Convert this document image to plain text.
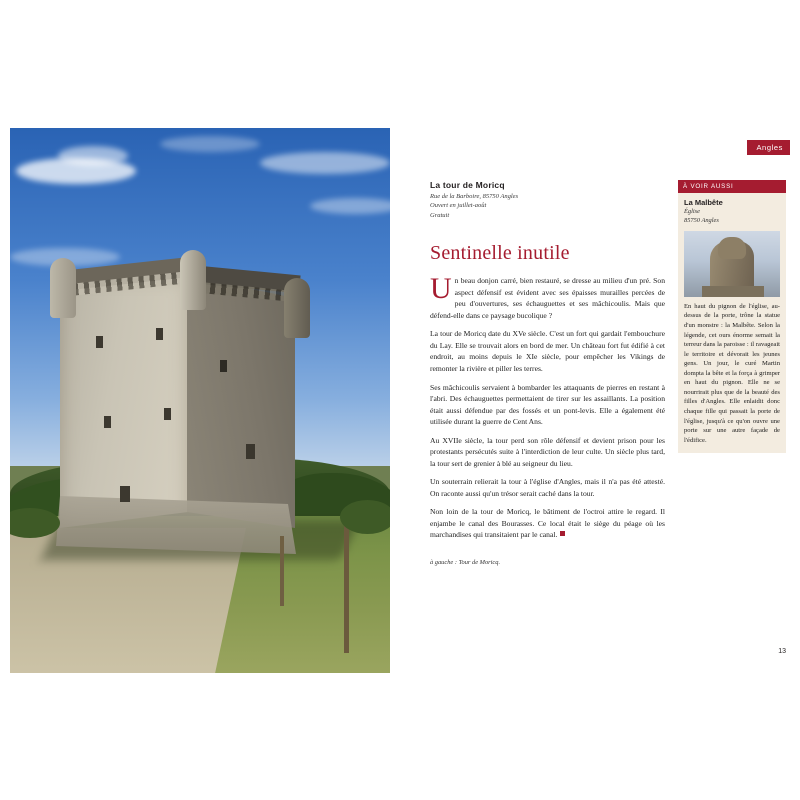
Angles
La tour de Moricq
Rue de la Barboire, 85750 Angles
Ouvert en juillet-août
Gratuit
Sentinelle inutile

Un beau donjon carré, bien restauré, se dresse au milieu d'un pré. Son aspect défensif est évident avec ses épaisses murailles percées de peu d'ouvertures, ses échauguettes et ses mâchicoulis. Mais que défend-elle dans ce paysage bucolique ?

La tour de Moricq date du XVe siècle. C'est un fort qui gardait l'embouchure du Lay. Elle se trouvait alors en bord de mer. Un château fort fut édifié à cet endroit, au moins depuis le XIe siècle, pour empêcher les Vikings de remonter la rivière et piller les terres.

Ses mâchicoulis servaient à bombarder les attaquants de pierres en restant à l'abri. Des échauguettes permettaient de tirer sur les assaillants. La position était aussi défendue par des fossés et un pont-levis. Elle a également été utilisée durant la guerre de Cent Ans.

Au XVIIe siècle, la tour perd son rôle défensif et devient prison pour les protestants persécutés suite à l'interdiction de leur culte. Un siècle plus tard, la tour sert de grenier à blé au seigneur du lieu.

Un souterrain relierait la tour à l'église d'Angles, mais il n'a pas été attesté. On raconte aussi qu'un trésor serait caché dans la tour.

Non loin de la tour de Moricq, le bâtiment de l'octroi attire le regard. Il enjambe le canal des Bourasses. Ce local était le siège du péage où les marchandises qui transitaient par le canal.

à gauche : Tour de Moricq.
À VOIR AUSSI
La Malbête
Église
85750 Angles
En haut du pignon de l'église, au-dessus de la porte, trône la statue d'un monstre : la Malbête. Selon la légende, cet ours énorme semait la terreur dans la paroisse : il ravageait le territoire et dévorait les jeunes gens. Un jour, le curé Martin dompta la bête et la força à grimper en haut du pignon. Elle ne se nourrirait plus que de la beauté des filles d'Angles. Elle enlaidit donc chaque fille qui passait la porte de l'église, jusqu'à ce qu'on ouvre une porte sur une autre façade de l'édifice.
13
